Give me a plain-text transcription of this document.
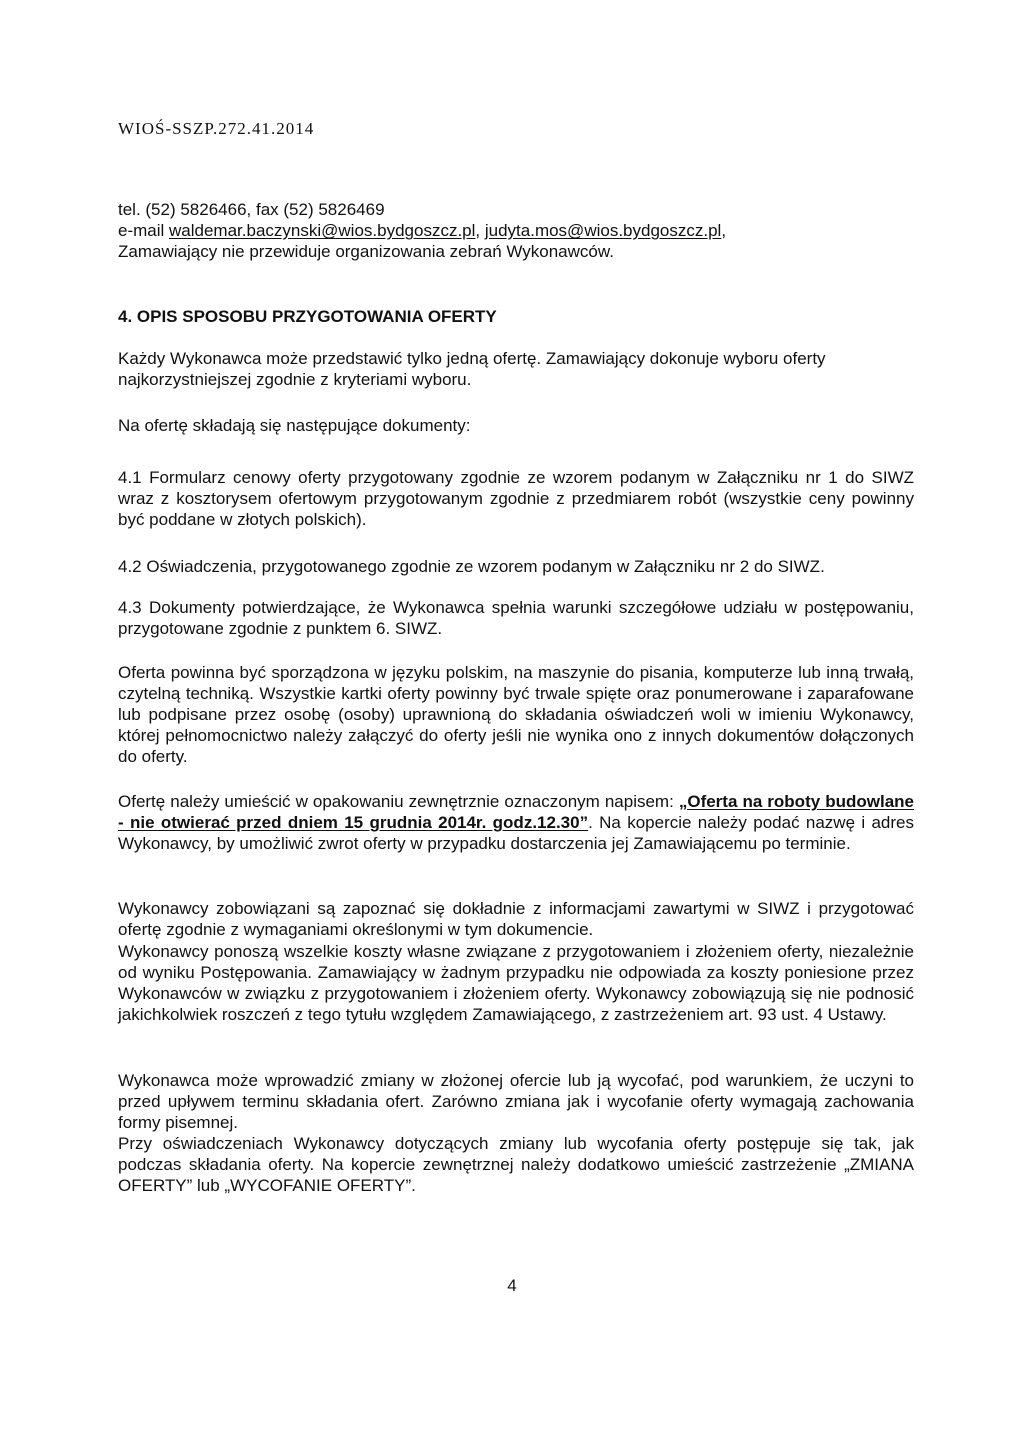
WIOŚ-SSZP.272.41.2014
tel. (52) 5826466, fax (52) 5826469
e-mail waldemar.baczynski@wios.bydgoszcz.pl, judyta.mos@wios.bydgoszcz.pl,
Zamawiający nie przewiduje organizowania zebrań Wykonawców.
4. OPIS SPOSOBU PRZYGOTOWANIA OFERTY
Każdy Wykonawca może przedstawić tylko jedną ofertę. Zamawiający dokonuje wyboru oferty najkorzystniejszej zgodnie z kryteriami wyboru.
Na ofertę składają się następujące dokumenty:
4.1 Formularz cenowy oferty przygotowany zgodnie ze wzorem podanym w Załączniku nr 1 do SIWZ wraz z kosztorysem ofertowym przygotowanym zgodnie z przedmiarem robót (wszystkie ceny powinny być poddane w złotych polskich).
4.2 Oświadczenia, przygotowanego zgodnie ze wzorem podanym w Załączniku nr 2 do SIWZ.
4.3 Dokumenty potwierdzające, że Wykonawca spełnia warunki szczegółowe udziału w postępowaniu, przygotowane zgodnie z punktem 6. SIWZ.
Oferta powinna być sporządzona w języku polskim, na maszynie do pisania, komputerze lub inną trwałą, czytelną techniką. Wszystkie kartki oferty powinny być trwale spięte oraz ponumerowane i zaparafowane lub podpisane przez osobę (osoby) uprawnioną do składania oświadczeń woli w imieniu Wykonawcy, której pełnomocnictwo należy załączyć do oferty jeśli nie wynika ono z innych dokumentów dołączonych do oferty.
Ofertę należy umieścić w opakowaniu zewnętrznie oznaczonym napisem: „Oferta na roboty budowlane - nie otwierać przed dniem 15 grudnia 2014r. godz.12.30”. Na kopercie należy podać nazwę i adres Wykonawcy, by umożliwić zwrot oferty w przypadku dostarczenia jej Zamawiającemu po terminie.
Wykonawcy zobowiązani są zapoznać się dokładnie z informacjami zawartymi w SIWZ i przygotować ofertę zgodnie z wymaganiami określonymi w tym dokumencie.
Wykonawcy ponoszą wszelkie koszty własne związane z przygotowaniem i złożeniem oferty, niezależnie od wyniku Postępowania. Zamawiający w żadnym przypadku nie odpowiada za koszty poniesione przez Wykonawców w związku z przygotowaniem i złożeniem oferty. Wykonawcy zobowiązują się nie podnosić jakichkolwiek roszczeń z tego tytułu względem Zamawiającego, z zastrzeżeniem art. 93 ust. 4 Ustawy.
Wykonawca może wprowadzić zmiany w złożonej ofercie lub ją wycofać, pod warunkiem, że uczyni to przed upływem terminu składania ofert. Zarówno zmiana jak i wycofanie oferty wymagają zachowania formy pisemnej.
Przy oświadczeniach Wykonawcy dotyczących zmiany lub wycofania oferty postępuje się tak, jak podczas składania oferty. Na kopercie zewnętrznej należy dodatkowo umieścić zastrzeżenie „ZMIANA OFERTY” lub „WYCOFANIE OFERTY”.
4
